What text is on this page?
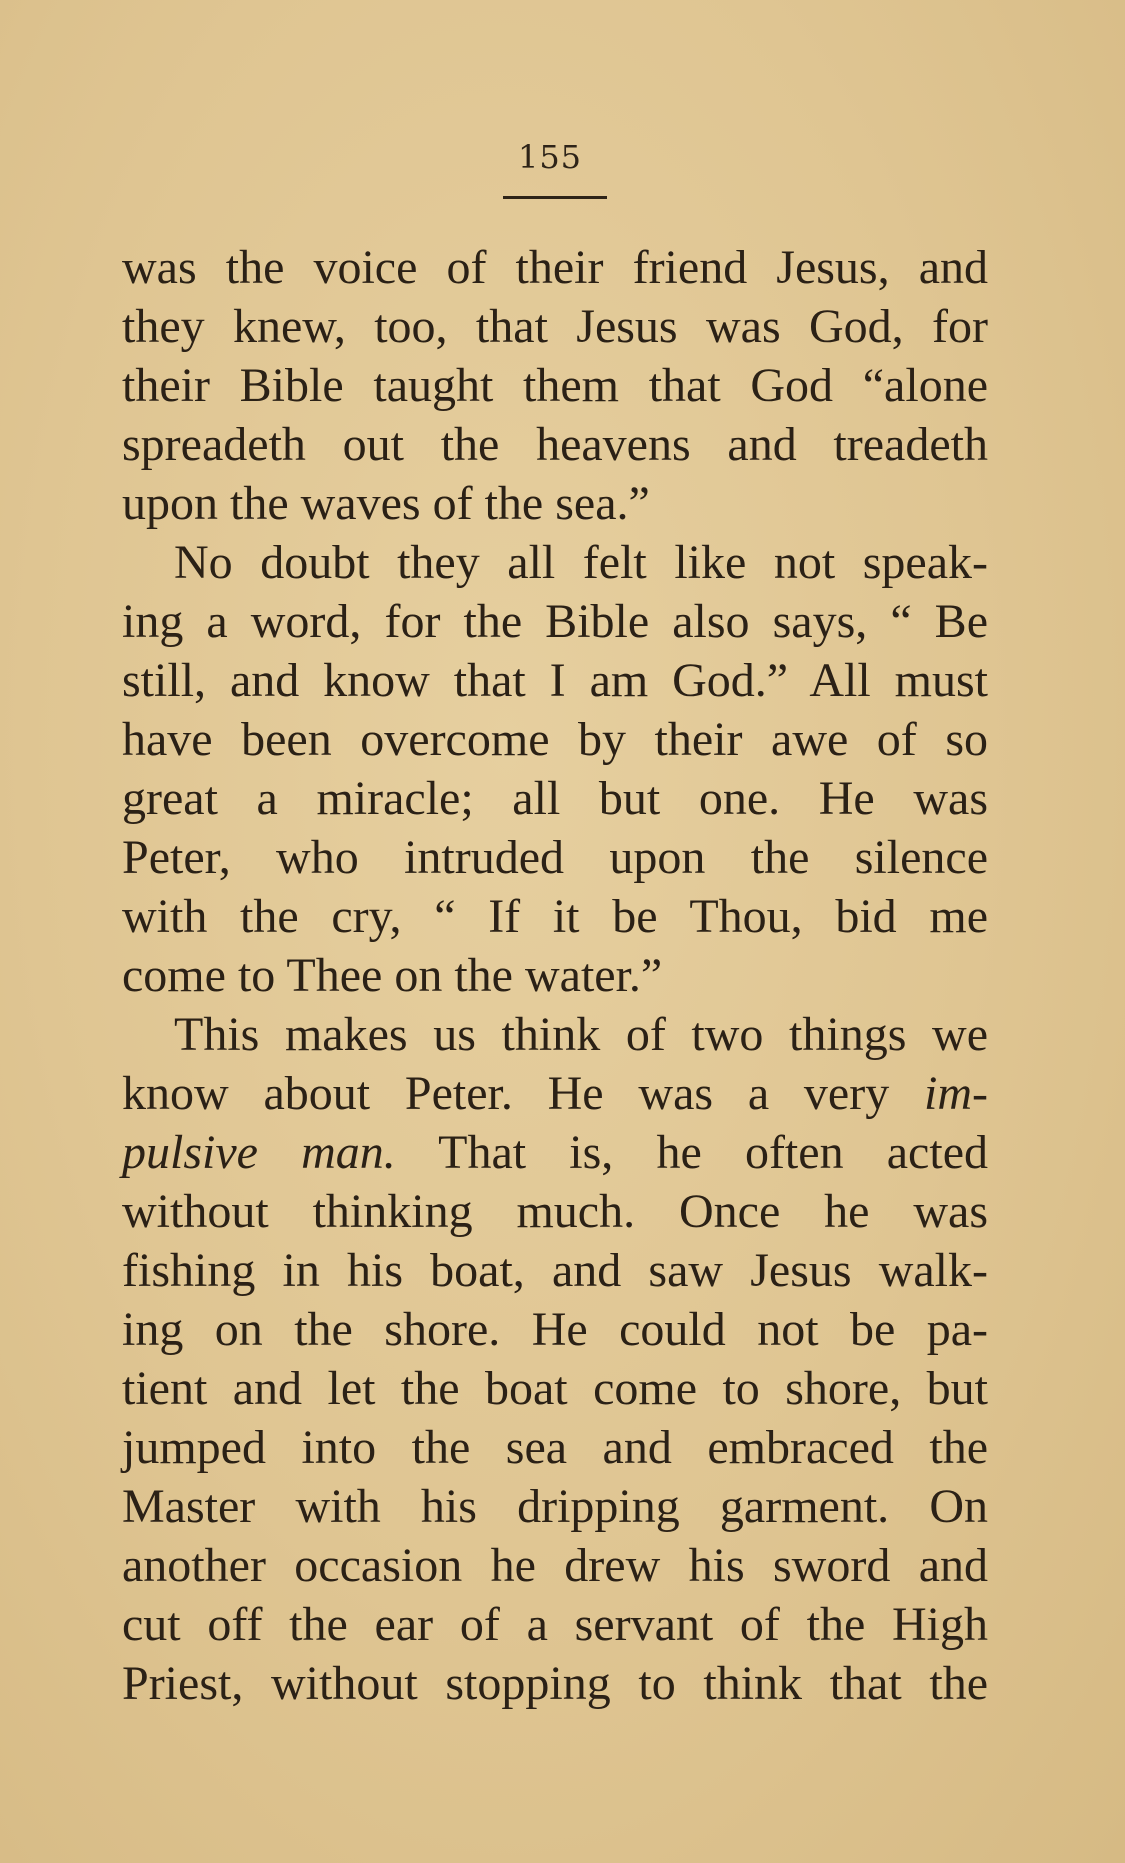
155
was the voice of their friend Jesus, and
they knew, too, that Jesus was God, for
their Bible taught them that God “alone
spreadeth out the heavens and treadeth
upon the waves of the sea.”
No doubt they all felt like not speak-
ing a word, for the Bible also says, “ Be
still, and know that I am God.” All must
have been overcome by their awe of so
great a miracle; all but one. He was
Peter, who intruded upon the silence
with the cry, “ If it be Thou, bid me
come to Thee on the water.”
This makes us think of two things we
know about Peter. He was a very im-
pulsive man. That is, he often acted
without thinking much. Once he was
fishing in his boat, and saw Jesus walk-
ing on the shore. He could not be pa-
tient and let the boat come to shore, but
jumped into the sea and embraced the
Master with his dripping garment. On
another occasion he drew his sword and
cut off the ear of a servant of the High
Priest, without stopping to think that the
